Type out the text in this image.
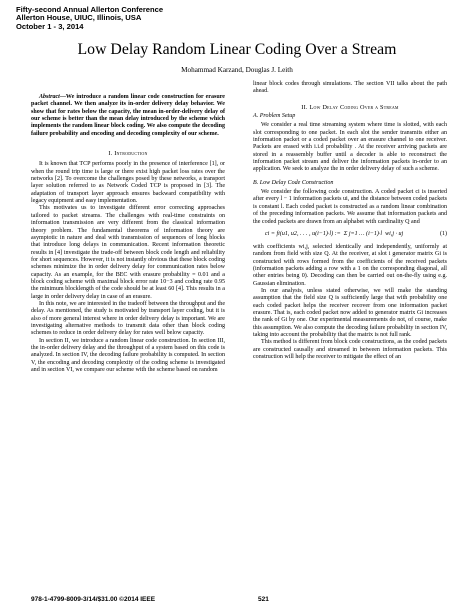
Fifty-second Annual Allerton Conference
Allerton House, UIUC, Illinois, USA
October 1 - 3, 2014
Low Delay Random Linear Coding Over a Stream
Mohammad Karzand, Douglas J. Leith

Abstract—We introduce a random linear code construction for erasure packet channel. We then analyze its in-order delivery delay behavior. We show that for rates below the capacity, the mean in-order-delivery delay of our scheme is better than the mean delay introduced by the scheme which implements the random linear block coding. We also compute the decoding failure probability and encoding and decoding complexity of our scheme.

I. Introduction

It is known that TCP performs poorly in the presence of interference [1], or when the round trip time is large or there exist high packet loss rates over the networks [2]. To overcome the challenges posed by these networks, a transport layer solution referred to as Network Coded TCP is proposed in [3]. The adaptation of transport layer approach ensures backward compatibility with legacy equipment and easy implementation.

This motivates us to investigate different error correcting approaches tailored to packet streams. The challenges with real-time constraints on information transmission are very different from the classical information theory problem. The fundamental theorems of information theory are asymptotic in nature and deal with transmission of sequences of long blocks that introduce long delays in communication. Recent information theoretic results in [4] investigate the trade-off between block code length and reliability for short sequences. However, it is not instantly obvious that these block coding schemes minimize the in order delivery delay for communication rates below capacity. As an example, for the BEC with erasure probability = 0.01 and a block coding scheme with maximal block error rate 10−3 and coding rate 0.95 the minimum blocklength of the code should be at least 60 [4]. This results in a large in order delivery delay in case of an erasure.

In this note, we are interested in the tradeoff between the throughput and the delay. As mentioned, the study is motivated by transport layer coding, but it is also of more general interest where in order delivery delay is important. We are investigating alternative methods to transmit data other than block coding schemes to reduce in order delivery delay for rates well below capacity.

In section II, we introduce a random linear code construction. In section III, the in-order delivery delay and the throughput of a system based on this code is analyzed. In section IV, the decoding failure probability is computed. In section V, the encoding and decoding complexity of the coding scheme is investigated and in section VI, we compare our scheme with the scheme based on random

linear block codes through simulations. The section VII talks about the path ahead.

II. Low Delay Coding Over a Stream
A. Problem Setup

We consider a real time streaming system where time is slotted, with each slot corresponding to one packet. In each slot the sender transmits either an information packet or a coded packet over an erasure channel to one receiver. Packets are erased with i.i.d probability . At the receiver arriving packets are stored in a reassembly buffer until a decoder is able to reconstruct the information packet stream and deliver the information packets in-order to an application. We seek to analyze the in order delivery delay of such a scheme.

B. Low Delay Code Construction

We consider the following code construction. A coded packet ci is inserted after every l − 1 information packets ui, and the distance between coded packets is constant l. Each coded packet is constructed as a random linear combination of the preceding information packets. We assume that information packets and the coded packets are drawn from an alphabet with cardinality Q and

ci = fi(u1, u2, . . . , u(i−1)·l) := Σ j=1 … (i−1)·l wi,j · uj	(1)

with coefficients wi,j, selected identically and independently, uniformly at random from field with size Q. At the receiver, at slot i generator matrix Gi is constructed with rows formed from the coefficients of the received packets (information packets adding a row with a 1 on the corresponding diagonal, all other entries being 0). Decoding can then be carried out on-the-fly using e.g. Gaussian elimination.

In our analysis, unless stated otherwise, we will make the standing assumption that the field size Q is sufficiently large that with probability one each coded packet helps the receiver recover from one information packet erasure. That is, each coded packet now added to generator matrix Gi increases the rank of Gi by one. Our experimental measurements do not, of course, make this assumption. We also compute the decoding failure probability in section IV, taking into account the probability that the matrix is not full rank.

This method is different from block code constructions, as the coded packets are constructed causally and streamed in between information packets. This construction will help the receiver to mitigate the effect of an

978-1-4799-8009-3/14/$31.00 ©2014 IEEE	521
